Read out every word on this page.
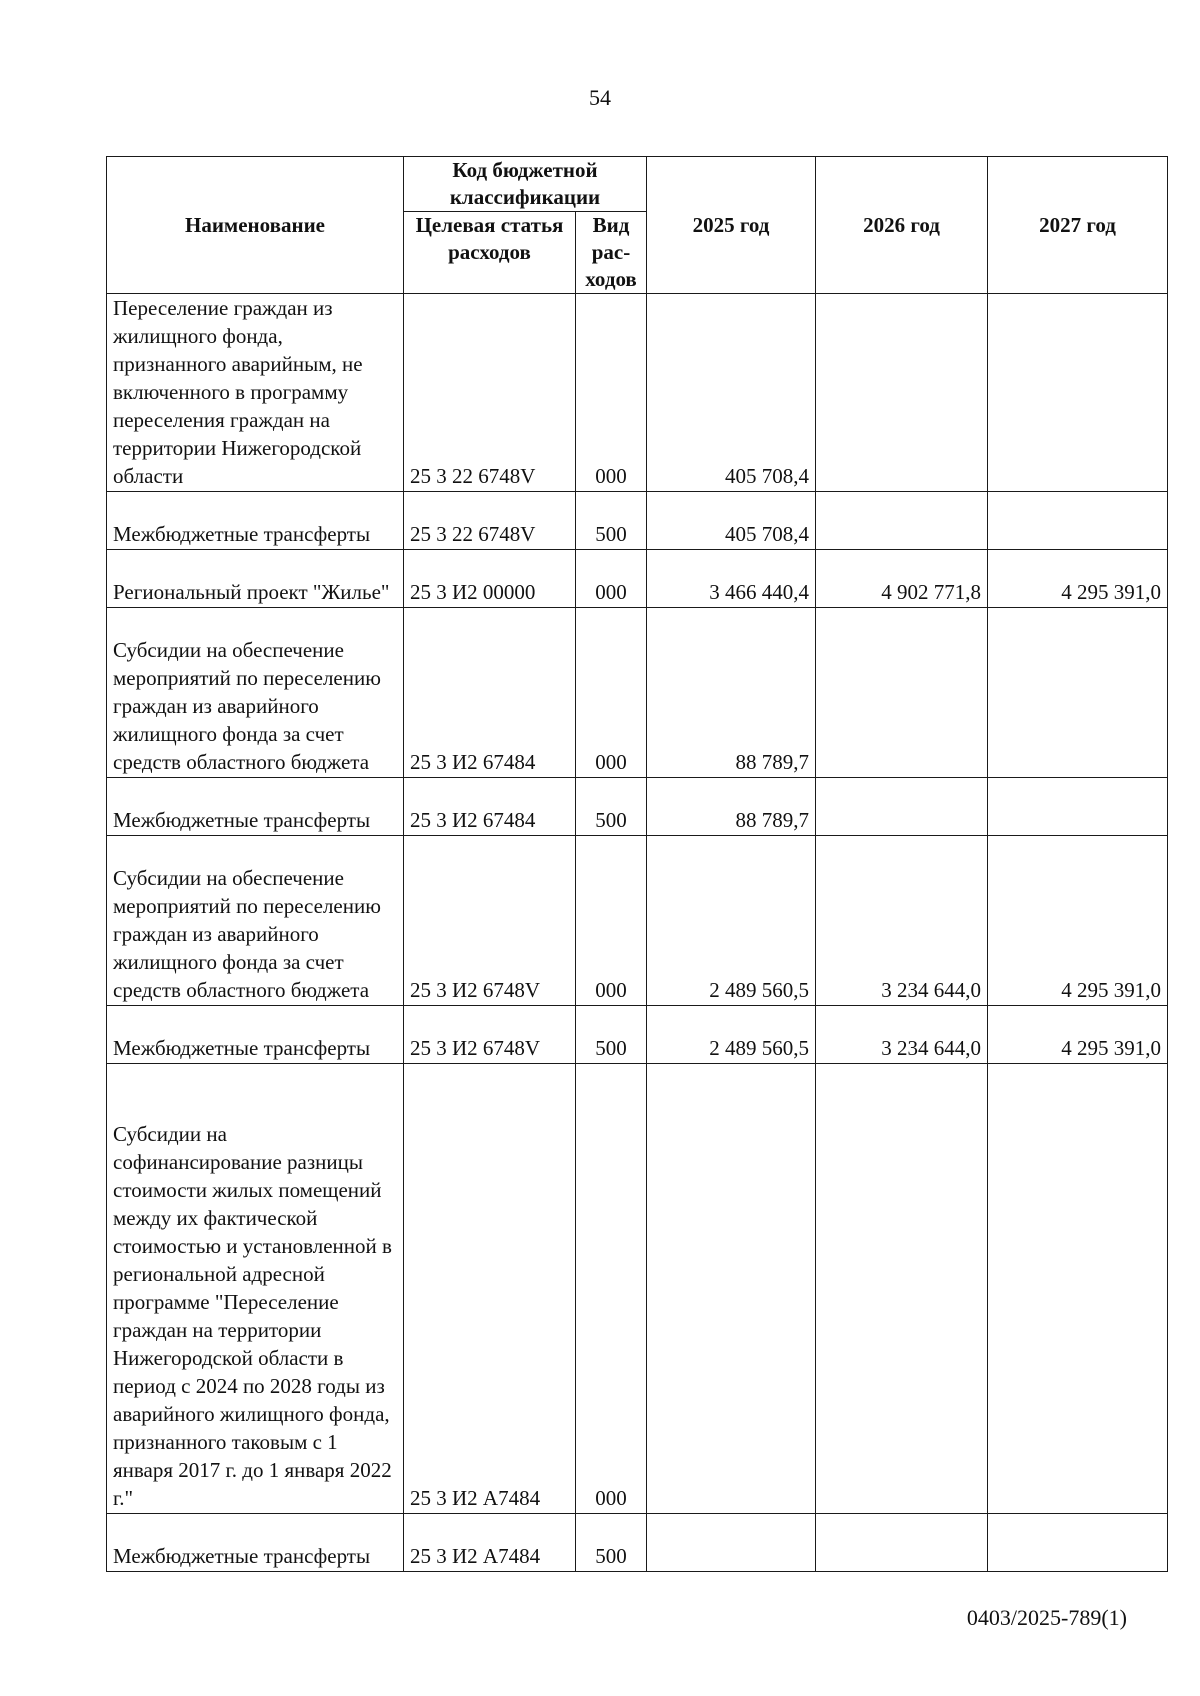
54
Наименование	Код бюджетной классификации		2025 год	2026 год	2027 год
	Целевая статья расходов	Вид рас-ходов			
Переселение граждан из жилищного фонда, признанного аварийным, не включенного в программу переселения граждан на территории Нижегородской области	25 3 22 6748V	000	405 708,4		
Межбюджетные трансферты	25 3 22 6748V	500	405 708,4		
Региональный проект "Жилье"	25 3 И2 00000	000	3 466 440,4	4 902 771,8	4 295 391,0
Субсидии на обеспечение мероприятий по переселению граждан из аварийного жилищного фонда за счет средств областного бюджета	25 3 И2 67484	000	88 789,7		
Межбюджетные трансферты	25 3 И2 67484	500	88 789,7		
Субсидии на обеспечение мероприятий по переселению граждан из аварийного жилищного фонда за счет средств областного бюджета	25 3 И2 6748V	000	2 489 560,5	3 234 644,0	4 295 391,0
Межбюджетные трансферты	25 3 И2 6748V	500	2 489 560,5	3 234 644,0	4 295 391,0
Субсидии на софинансирование разницы стоимости жилых помещений между их фактической стоимостью и установленной в региональной адресной программе "Переселение граждан на территории Нижегородской области в период с 2024 по 2028 годы из аварийного жилищного фонда, признанного таковым с 1 января 2017 г. до 1 января 2022 г."	25 3 И2 А7484	000			
Межбюджетные трансферты	25 3 И2 А7484	500			
0403/2025-789(1)
